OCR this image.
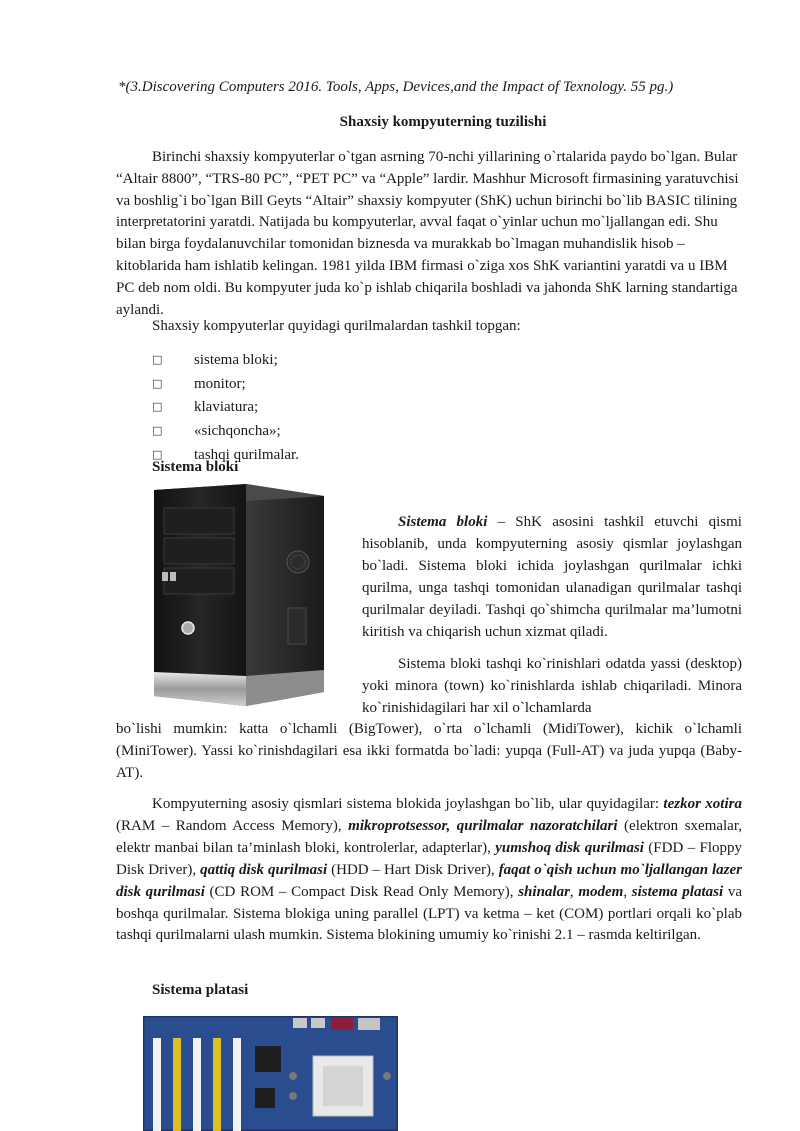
*(3.Discovering Computers 2016. Tools, Apps, Devices,and the Impact of Texnology. 55 pg.)
Shaxsiy kompyuterning tuzilishi

Birinchi shaxsiy kompyuterlar o`tgan asrning 70-nchi yillarining o`rtalarida paydo bo`lgan. Bular “Altair 8800”, “TRS-80 PC”, “PET PC” va “Apple” lardir. Mashhur Microsoft firmasining yaratuvchisi va boshlig`i bo`lgan Bill Geyts “Altair” shaxsiy kompyuter (ShK) uchun birinchi bo`lib BASIC tilining interpretatorini yaratdi. Natijada bu kompyuterlar, avval faqat o`yinlar uchun mo`ljallangan edi. Shu bilan birga foydalanuvchilar tomonidan biznesda va murakkab bo`lmagan muhandislik hisob – kitoblarida ham ishlatib kelingan. 1981 yilda IBM firmasi o`ziga xos ShK variantini yaratdi va u IBM PC deb nom oldi. Bu kompyuter juda ko`p ishlab chiqarila boshladi va jahonda ShK larning standartiga aylandi.

Shaxsiy kompyuterlar quyidagi qurilmalardan tashkil topgan:

□	sistema bloki;
□	monitor;
□	klaviatura;
□	«sichqoncha»;
□	tashqi qurilmalar.
Sistema bloki

Sistema bloki – ShK asosini tashkil etuvchi qismi hisoblanib, unda kompyuterning asosiy qismlar joylashgan bo`ladi. Sistema bloki ichida joylashgan qurilmalar ichki qurilma, unga tashqi tomonidan ulanadigan qurilmalar tashqi qurilmalar deyiladi. Tashqi qo`shimcha qurilmalar ma’lumotni kiritish va chiqarish uchun xizmat qiladi.

Sistema bloki tashqi ko`rinishlari odatda yassi (desktop) yoki minora (town) ko`rinishlarda ishlab chiqariladi. Minora ko`rinishidagilari har xil o`lchamlarda

bo`lishi mumkin: katta o`lchamli (BigTower), o`rta o`lchamli (MidiTower), kichik o`lchamli (MiniTower). Yassi ko`rinishdagilari esa ikki formatda bo`ladi: yupqa (Full-AT) va juda yupqa (Baby-AT).

Kompyuterning asosiy qismlari sistema blokida joylashgan bo`lib, ular quyidagilar: tezkor xotira (RAM – Random Access Memory), mikroprotsessor, qurilmalar nazoratchilari (elektron sxemalar, elektr manbai bilan ta’minlash bloki, kontrolerlar, adapterlar), yumshoq disk qurilmasi (FDD – Floppy Disk Driver), qattiq disk qurilmasi (HDD – Hart Disk Driver), faqat o`qish uchun mo`ljallangan lazer disk qurilmasi (CD ROM – Compact Disk Read Only Memory), shinalar, modem, sistema platasi va boshqa qurilmalar. Sistema blokiga uning parallel (LPT) va ketma – ket (COM) portlari orqali ko`plab tashqi qurilmalarni ulash mumkin. Sistema blokining umumiy ko`rinishi 2.1 – rasmda keltirilgan.

Sistema platasi
